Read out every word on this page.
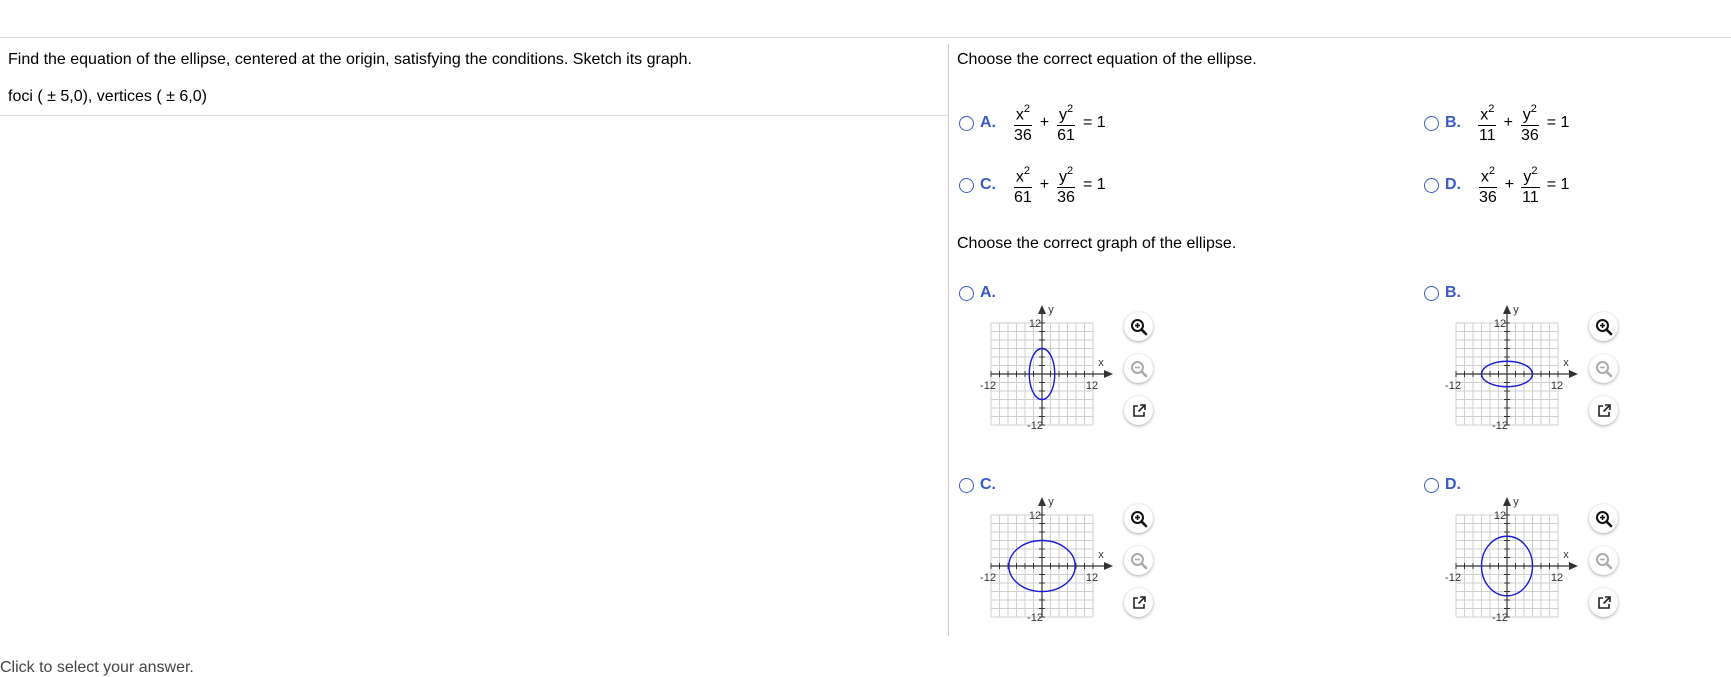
Find the equation of the ellipse, centered at the origin, satisfying the conditions. Sketch its graph.
foci ( ± 5,0), vertices ( ± 6,0)
Choose the correct equation of the ellipse.
A.	$\frac{x^2}{36} + \frac{y^2}{61} = 1$	B.	$\frac{x^2}{11} + \frac{y^2}{36} = 1$
C.	$\frac{x^2}{61} + \frac{y^2}{36} = 1$	D.	$\frac{x^2}{36} + \frac{y^2}{11} = 1$
Choose the correct graph of the ellipse.
A.
x
y
12
-12
-12	12
B.
x
y
12
-12
-12	12
C.
x
y
12
-12
-12	12
D.
x
y
12
-12
-12	12
Click to select your answer.
